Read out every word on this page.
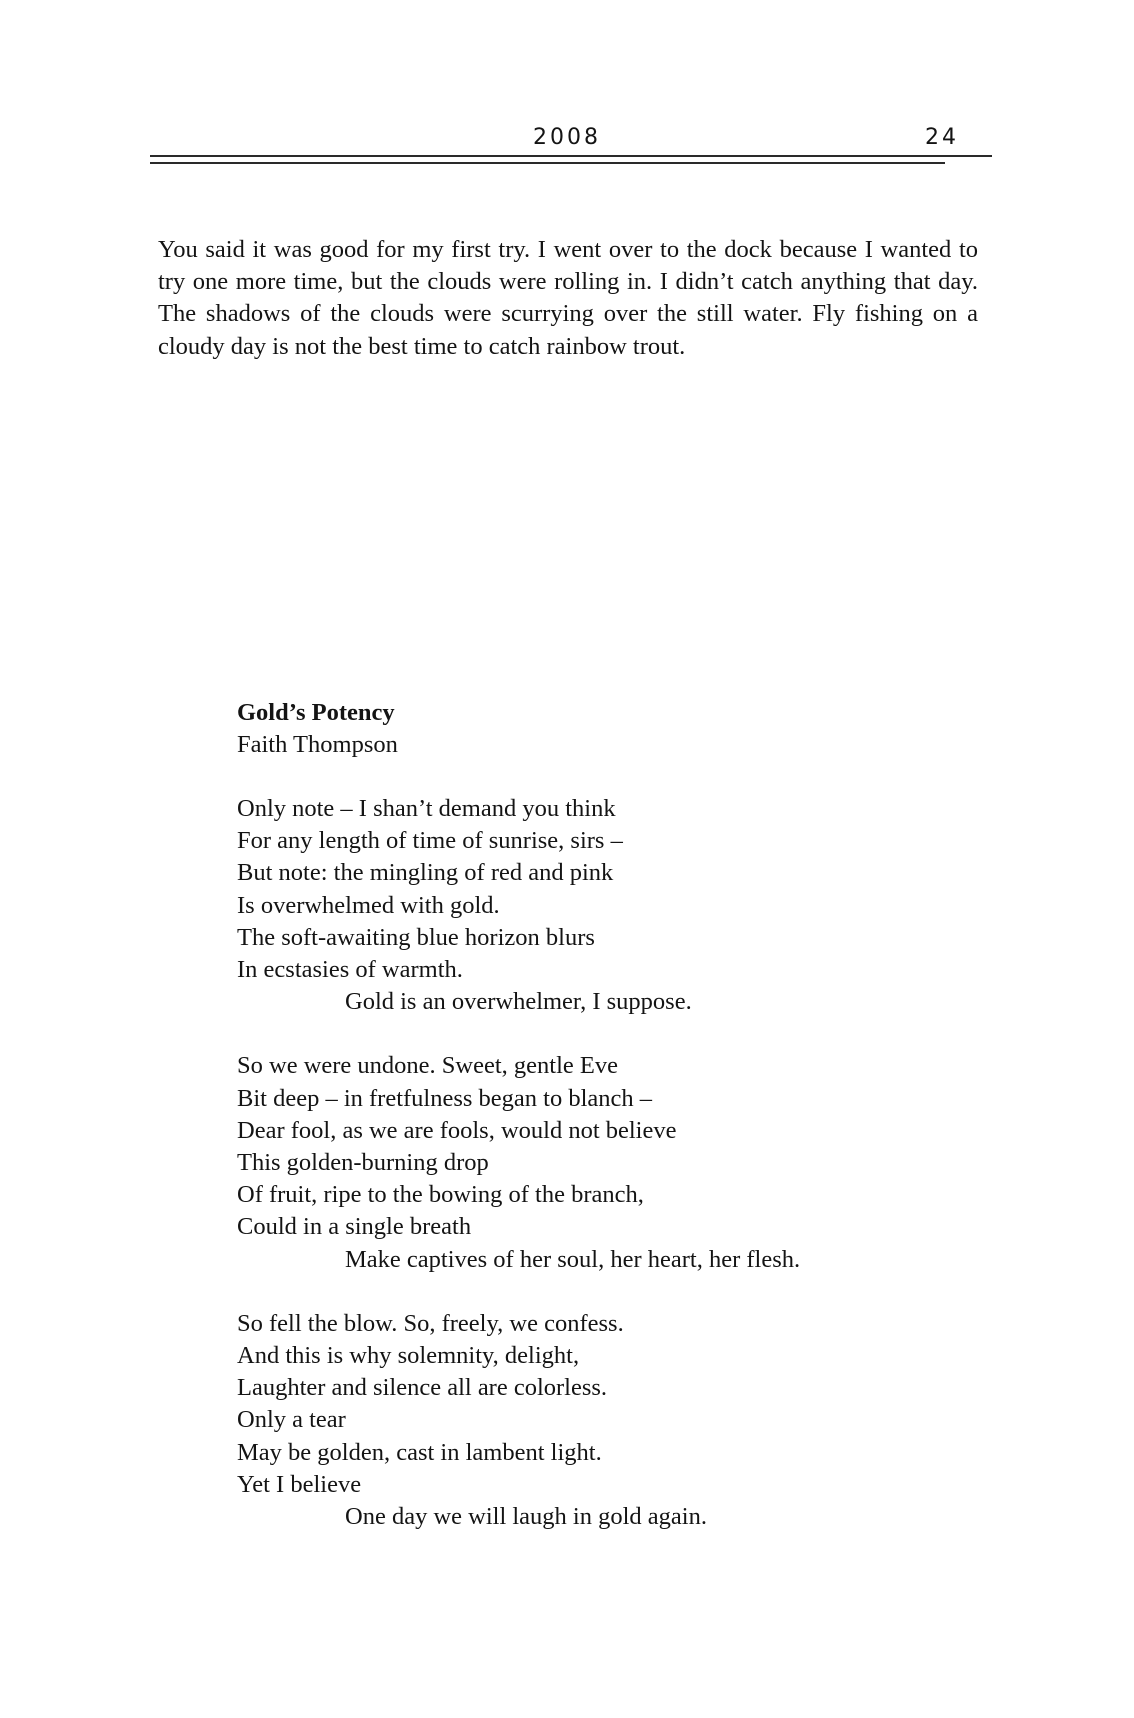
2008	24

You said it was good for my first try. I went over to the dock because I wanted to try one more time, but the clouds were rolling in. I didn’t catch anything that day. The shadows of the clouds were scurrying over the still water. Fly fishing on a cloudy day is not the best time to catch rainbow trout.

Gold’s Potency

Faith Thompson

Only note – I shan’t demand you think

For any length of time of sunrise, sirs –

But note: the mingling of red and pink

Is overwhelmed with gold.

The soft-awaiting blue horizon blurs

In ecstasies of warmth.

Gold is an overwhelmer, I suppose.

So we were undone. Sweet, gentle Eve

Bit deep – in fretfulness began to blanch –

Dear fool, as we are fools, would not believe

This golden-burning drop

Of fruit, ripe to the bowing of the branch,

Could in a single breath

Make captives of her soul, her heart, her flesh.

So fell the blow. So, freely, we confess.

And this is why solemnity, delight,

Laughter and silence all are colorless.

Only a tear

May be golden, cast in lambent light.

Yet I believe

One day we will laugh in gold again.
